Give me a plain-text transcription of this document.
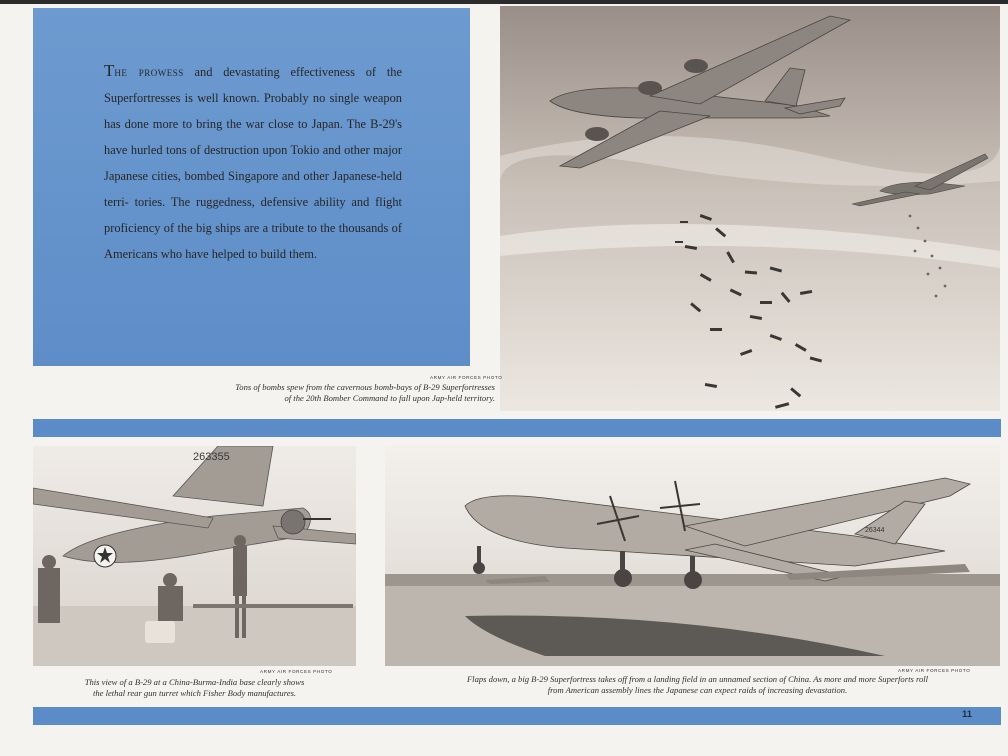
The prowess and devastating effectiveness of the Superfortresses is well known. Probably no single weapon has done more to bring the war close to Japan. The B-29's have hurled tons of destruction upon Tokio and other major Japanese cities, bombed Singapore and other Japanese-held terri- tories. The ruggedness, defensive ability and flight proficiency of the big ships are a tribute to the thousands of Americans who have helped to build them.

ARMY AIR FORCES PHOTO
Tons of bombs spew from the cavernous bomb-bays of B-29 Superfortresses
of the 20th Bomber Command to fall upon Jap-held territory.
263355
ARMY AIR FORCES PHOTO
This view of a B-29 at a China-Burma-India base clearly shows
the lethal rear gun turret which Fisher Body manufactures.
26344
ARMY AIR FORCES PHOTO
Flaps down, a big B-29 Superfortress takes off from a landing field in an unnamed section of China. As more and more Superforts roll
from American assembly lines the Japanese can expect raids of increasing devastation.
11
